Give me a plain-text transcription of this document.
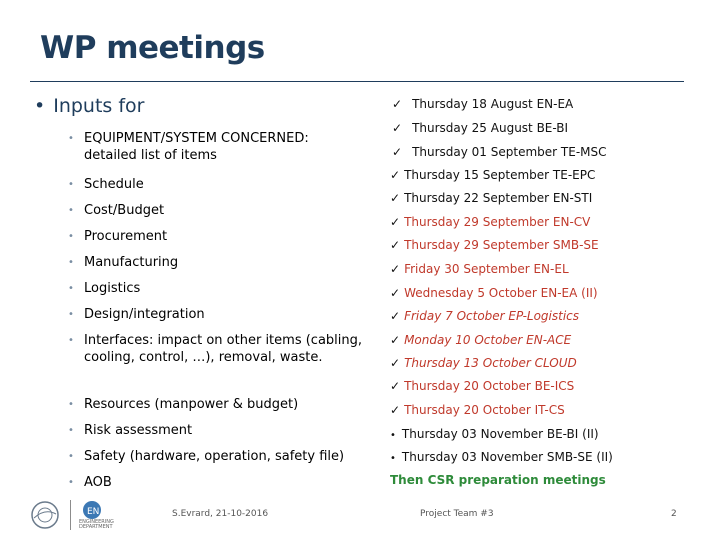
WP meetings
• Inputs for
• EQUIPMENT/SYSTEM CONCERNED: detailed list of items
• Schedule
• Cost/Budget
• Procurement
• Manufacturing
• Logistics
• Design/integration
• Interfaces: impact on other items (cabling, cooling, control, …), removal, waste.
• Resources (manpower & budget)
• Risk assessment
• Safety (hardware, operation, safety file)
• AOB
✓ Thursday 18 August EN-EA
✓ Thursday 25 August BE-BI
✓ Thursday 01 September TE-MSC
✓ Thursday 15 September TE-EPC
✓ Thursday 22 September EN-STI
✓ Thursday 29 September EN-CV
✓ Thursday 29 September SMB-SE
✓ Friday 30 September EN-EL
✓ Wednesday 5 October EN-EA (II)
✓ Friday 7 October EP-Logistics
✓ Monday 10 October EN-ACE
✓ Thursday 13 October CLOUD
✓ Thursday 20 October BE-ICS
✓ Thursday 20 October IT-CS
• Thursday 03 November BE-BI (II)
• Thursday 03 November SMB-SE (II)
Then CSR preparation meetings
EN
ENGINEERING DEPARTMENT
S.Evrard, 21-10-2016	Project Team #3	2
